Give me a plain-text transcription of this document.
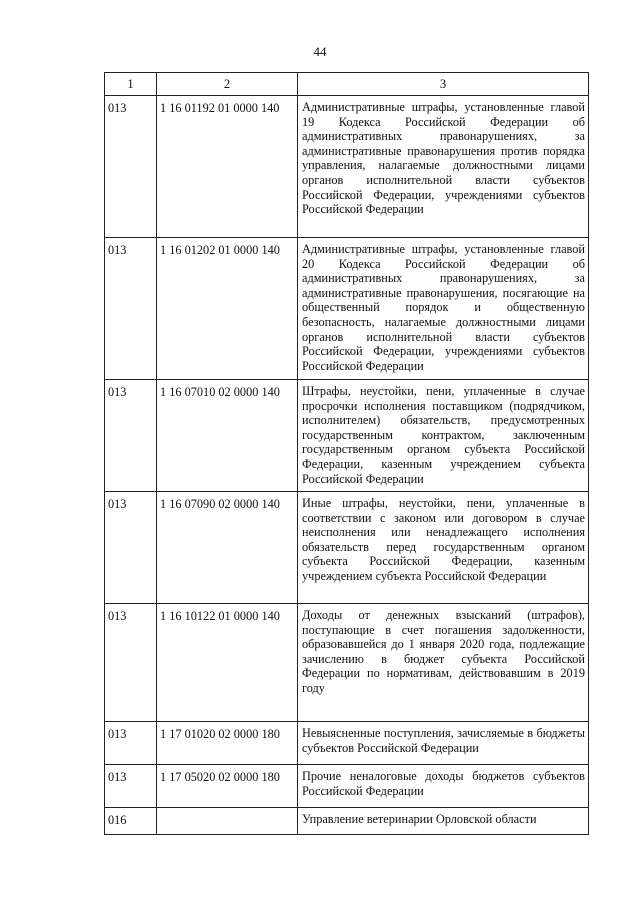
44
1	2	3
013	1 16 01192 01 0000 140	Административные штрафы, установленные главой 19 Кодекса Российской Федерации об административных правонарушениях, за административные правонарушения против порядка управления, налагаемые должностными лицами органов исполнительной власти субъектов Российской Федерации, учреждениями субъектов Российской Федерации
013	1 16 01202 01 0000 140	Административные штрафы, установленные главой 20 Кодекса Российской Федерации об административных правонарушениях, за административные правонарушения, посягающие на общественный порядок и общественную безопасность, налагаемые должностными лицами органов исполнительной власти субъектов Российской Федерации, учреждениями субъектов Российской Федерации
013	1 16 07010 02 0000 140	Штрафы, неустойки, пени, уплаченные в случае просрочки исполнения поставщиком (подрядчиком, исполнителем) обязательств, предусмотренных государственным контрактом, заключенным государственным органом субъекта Российской Федерации, казенным учреждением субъекта Российской Федерации
013	1 16 07090 02 0000 140	Иные штрафы, неустойки, пени, уплаченные в соответствии с законом или договором в случае неисполнения или ненадлежащего исполнения обязательств перед государственным органом субъекта Российской Федерации, казенным учреждением субъекта Российской Федерации
013	1 16 10122 01 0000 140	Доходы от денежных взысканий (штрафов), поступающие в счет погашения задолженности, образовавшейся до 1 января 2020 года, подлежащие зачислению в бюджет субъекта Российской Федерации по нормативам, действовавшим в 2019 году
013	1 17 01020 02 0000 180	Невыясненные поступления, зачисляемые в бюджеты субъектов Российской Федерации
013	1 17 05020 02 0000 180	Прочие неналоговые доходы бюджетов субъектов Российской Федерации
016		Управление ветеринарии Орловской области
